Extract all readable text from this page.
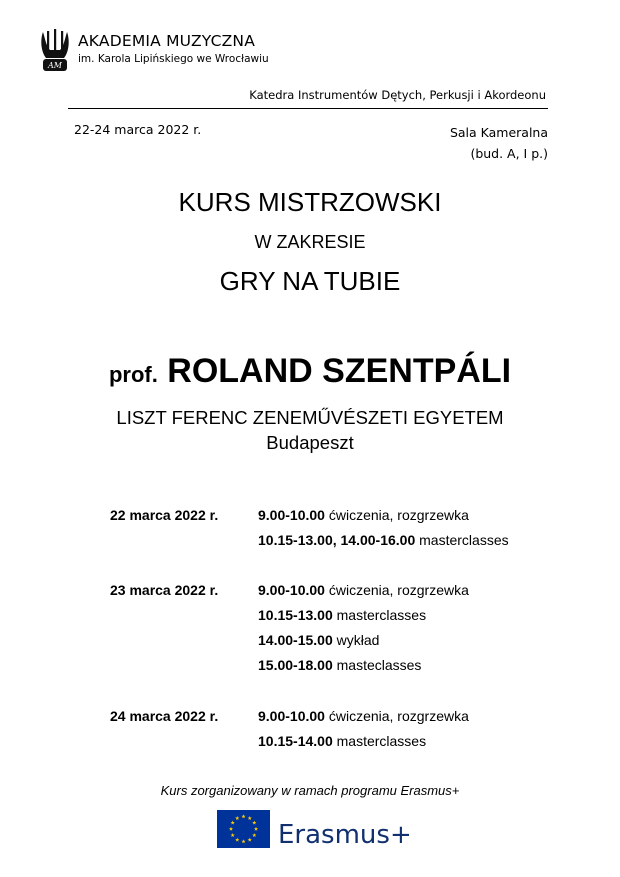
AM
AKADEMIA MUZYCZNA
im. Karola Lipińskiego we Wrocławiu
Katedra Instrumentów Dętych, Perkusji i Akordeonu
22-24 marca 2022 r.	Sala Kameralna
(bud. A, I p.)
KURS MISTRZOWSKI
W ZAKRESIE
GRY NA TUBIE
prof. ROLAND SZENTPÁLI
LISZT FERENC ZENEMŰVÉSZETI EGYETEM
Budapeszt
22 marca 2022 r.	9.00-10.00 ćwiczenia, rozgrzewka
10.15-13.00, 14.00-16.00 masterclasses
23 marca 2022 r.	9.00-10.00 ćwiczenia, rozgrzewka
10.15-13.00 masterclasses
14.00-15.00 wykład
15.00-18.00 masteclasses
24 marca 2022 r.	9.00-10.00 ćwiczenia, rozgrzewka
10.15-14.00 masterclasses
Kurs zorganizowany w ramach programu Erasmus+
Erasmus+
